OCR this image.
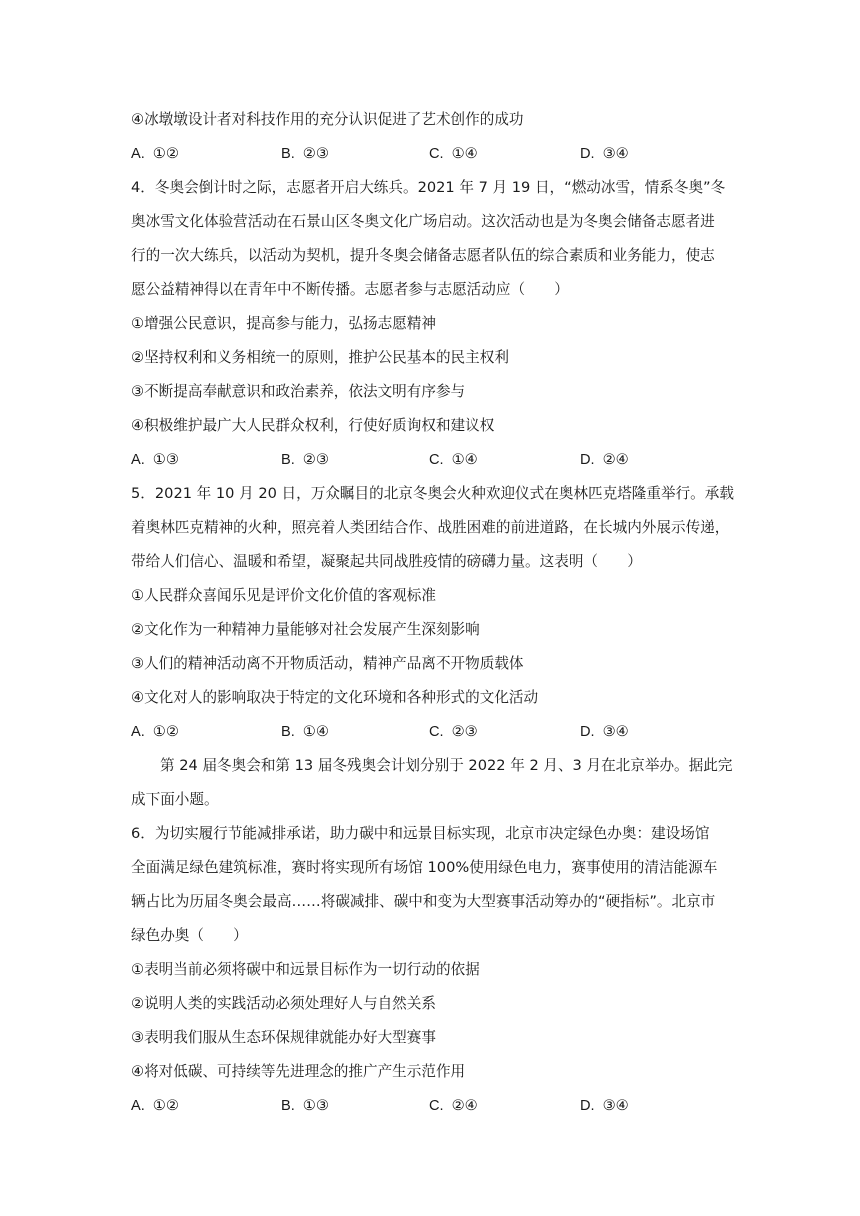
④冰墩墩设计者对科技作用的充分认识促进了艺术创作的成功
A. ①②	B. ②③	C. ①④	D. ③④
4．冬奥会倒计时之际，志愿者开启大练兵。2021 年 7 月 19 日，“燃动冰雪，情系冬奥”冬
奥冰雪文化体验营活动在石景山区冬奥文化广场启动。这次活动也是为冬奥会储备志愿者进
行的一次大练兵，以活动为契机，提升冬奥会储备志愿者队伍的综合素质和业务能力，使志
愿公益精神得以在青年中不断传播。志愿者参与志愿活动应（　　）
①增强公民意识，提高参与能力，弘扬志愿精神
②坚持权利和义务相统一的原则，推护公民基本的民主权利
③不断提高奉献意识和政治素养，依法文明有序参与
④积极维护最广大人民群众权利，行使好质询权和建议权
A. ①③	B. ②③	C. ①④	D. ②④
5．2021 年 10 月 20 日，万众瞩目的北京冬奥会火种欢迎仪式在奥林匹克塔隆重举行。承载
着奥林匹克精神的火种，照亮着人类团结合作、战胜困难的前进道路，在长城内外展示传递，
带给人们信心、温暖和希望，凝聚起共同战胜疫情的磅礴力量。这表明（　　）
①人民群众喜闻乐见是评价文化价值的客观标准
②文化作为一种精神力量能够对社会发展产生深刻影响
③人们的精神活动离不开物质活动，精神产品离不开物质载体
④文化对人的影响取决于特定的文化环境和各种形式的文化活动
A. ①②	B. ①④	C. ②③	D. ③④
第 24 届冬奥会和第 13 届冬残奥会计划分别于 2022 年 2 月、3 月在北京举办。据此完
成下面小题。
6．为切实履行节能减排承诺，助力碳中和远景目标实现，北京市决定绿色办奥：建设场馆
全面满足绿色建筑标准，赛时将实现所有场馆 100%使用绿色电力，赛事使用的清洁能源车
辆占比为历届冬奥会最高……将碳减排、碳中和变为大型赛事活动筹办的“硬指标”。北京市
绿色办奥（　　）
①表明当前必须将碳中和远景目标作为一切行动的依据
②说明人类的实践活动必须处理好人与自然关系
③表明我们服从生态环保规律就能办好大型赛事
④将对低碳、可持续等先进理念的推广产生示范作用
A. ①②	B. ①③	C. ②④	D. ③④
